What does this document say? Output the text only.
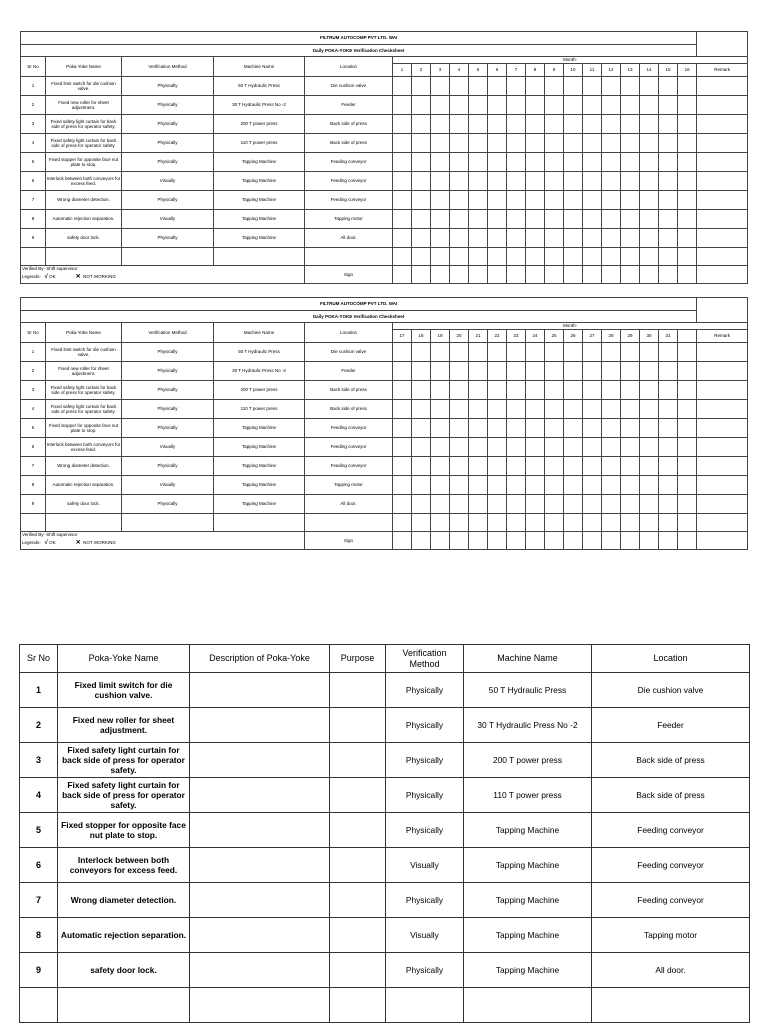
FILTRUM AUTOCOMP PVT LTD. WAI																					
Daily POKA-YOKE Verification Checksheet																					
Sr No	Poka-Yoke Name	Verification Method	Machine Name	Location	Month-																
					1	2	3	4	5	6	7	8	9	10	11	12	13	14	15	16	Remark
1	Fixed limit switch for die cushion valve.	Physically	50 T Hydraulic Press	Die cushion valve																	
2	Fixed new roller for sheet adjustment.	Physically	30 T Hydraulic Press No -2	Feeder																	
3	Fixed safety light curtain for back side of press for operator safety.	Physically	200 T power press	Back side of press																	
4	Fixed safety light curtain for back side of press for operator safety.	Physically	110 T power press	Back side of press																	
5	Fixed stopper for opposite face nut plate to stop.	Physically	Tapping Machine	Feeding conveyor																	
6	Interlock between both conveyors for excess feed.	Visually	Tapping Machine	Feeding conveyor																	
7	Wrong diameter detection.	Physically	Tapping Machine	Feeding conveyor																	
8	Automatic rejection separation.	Visually	Tapping Machine	Tapping motor																	
9	safety door lock.	Physically	Tapping Machine	All door.																	

Verified By- Shift supervisor
Legends- √ OK ✕ NOT WORKING				Sign																	
FILTRUM AUTOCOMP PVT LTD. WAI																					
Daily POKA-YOKE Verification Checksheet																					
Sr No	Poka-Yoke Name	Verification Method	Machine Name	Location	Month-																
					17	18	19	20	21	22	23	24	25	26	27	28	29	30	31		Remark
1	Fixed limit switch for die cushion valve.	Physically	50 T Hydraulic Press	Die cushion valve																	
2	Fixed new roller for sheet adjustment.	Physically	30 T Hydraulic Press No -2	Feeder																	
3	Fixed safety light curtain for back side of press for operator safety.	Physically	200 T power press	Back side of press																	
4	Fixed safety light curtain for back side of press for operator safety.	Physically	110 T power press	Back side of press																	
5	Fixed stopper for opposite face nut plate to stop.	Physically	Tapping Machine	Feeding conveyor																	
6	Interlock between both conveyors for excess feed.	Visually	Tapping Machine	Feeding conveyor																	
7	Wrong diameter detection.	Physically	Tapping Machine	Feeding conveyor																	
8	Automatic rejection separation.	Visually	Tapping Machine	Tapping motor																	
9	safety door lock.	Physically	Tapping Machine	All door.																	

Verified By- Shift supervisor
Legends- √ OK ✕ NOT WORKING				Sign																	
Sr No	Poka-Yoke Name	Description of Poka-Yoke	Purpose	Verification Method	Machine Name	Location
1	Fixed limit switch for die cushion valve.			Physically	50 T Hydraulic Press	Die cushion valve
2	Fixed new roller for sheet adjustment.			Physically	30 T Hydraulic Press No -2	Feeder
3	Fixed safety light curtain for back side of press for operator safety.			Physically	200 T power press	Back side of press
4	Fixed safety light curtain for back side of press for operator safety.			Physically	110 T power press	Back side of press
5	Fixed stopper for opposite face nut plate to stop.			Physically	Tapping Machine	Feeding conveyor
6	Interlock between both conveyors for excess feed.			Visually	Tapping Machine	Feeding conveyor
7	Wrong diameter detection.			Physically	Tapping Machine	Feeding conveyor
8	Automatic rejection separation.			Visually	Tapping Machine	Tapping motor
9	safety door lock.			Physically	Tapping Machine	All door.
